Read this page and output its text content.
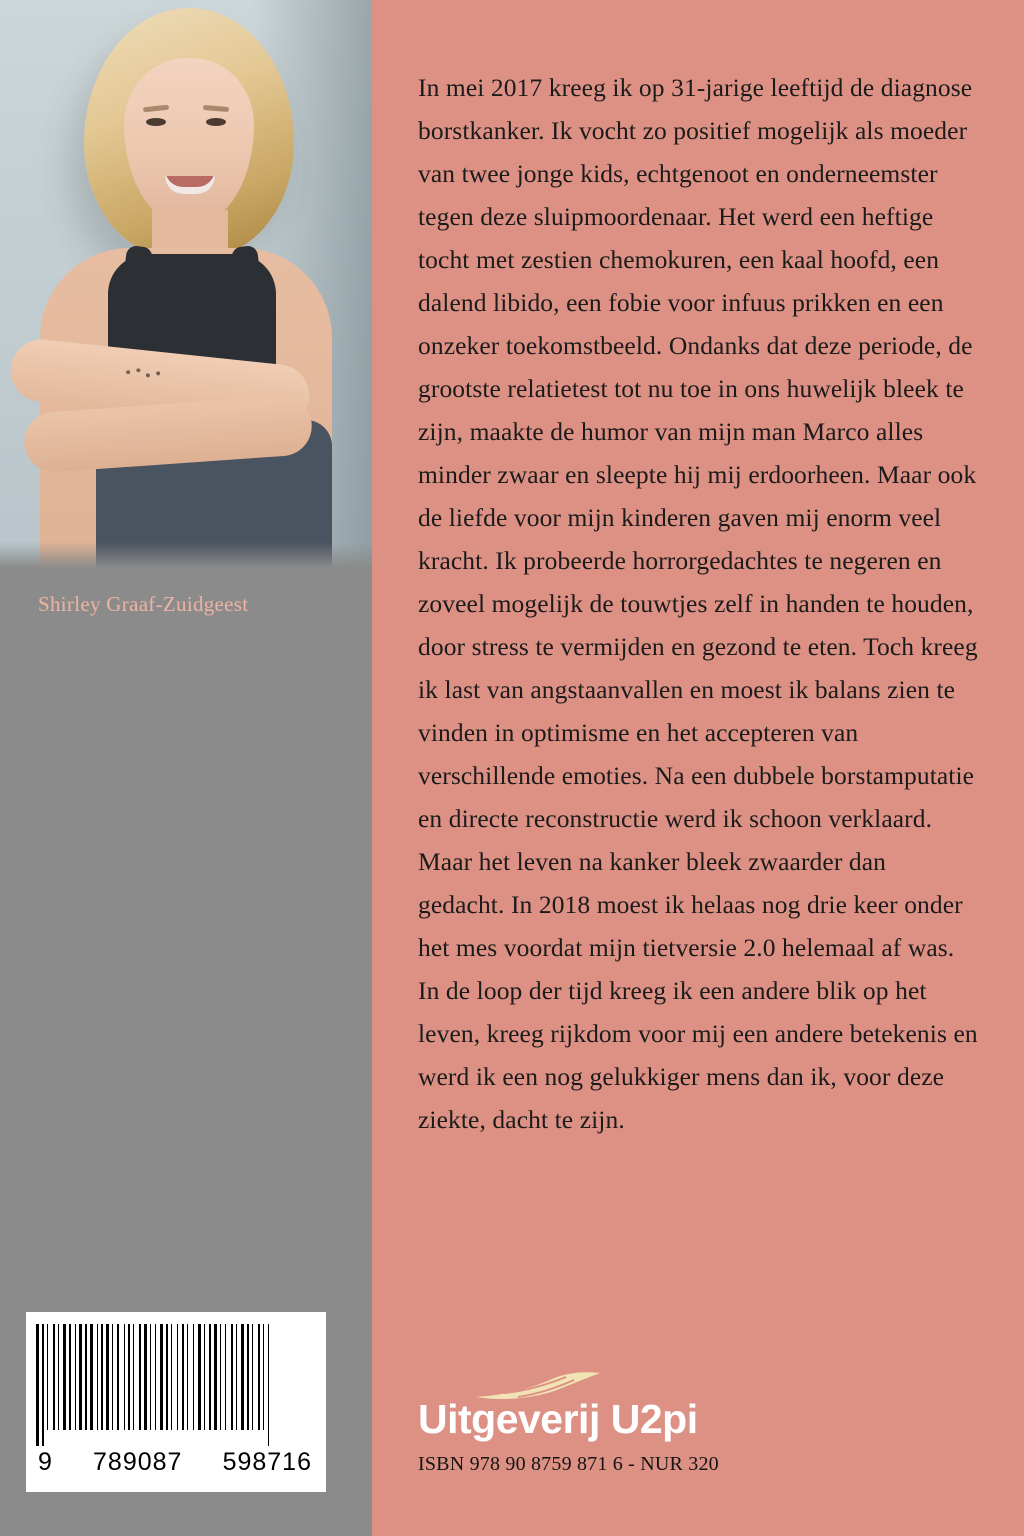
Shirley Graaf-Zuidgeest
9 789087 598716

In mei 2017 kreeg ik op 31-jarige leeftijd de diagnose borstkanker. Ik vocht zo positief mogelijk als moeder van twee jonge kids, echtgenoot en onderneemster tegen deze sluipmoordenaar. Het werd een heftige tocht met zestien chemokuren, een kaal hoofd, een dalend libido, een fobie voor infuus prikken en een onzeker toekomstbeeld. Ondanks dat deze periode, de grootste relatietest tot nu toe in ons huwelijk bleek te zijn, maakte de humor van mijn man Marco alles minder zwaar en sleepte hij mij erdoorheen. Maar ook de liefde voor mijn kinderen gaven mij enorm veel kracht. Ik probeerde horrorgedachtes te negeren en zoveel mogelijk de touwtjes zelf in handen te houden, door stress te vermijden en gezond te eten. Toch kreeg ik last van angstaanvallen en moest ik balans zien te vinden in optimisme en het accepteren van verschillende emoties. Na een dubbele borstamputatie en directe reconstructie werd ik schoon verklaard. Maar het leven na kanker bleek zwaarder dan gedacht. In 2018 moest ik helaas nog drie keer onder het mes voordat mijn tietversie 2.0 helemaal af was. In de loop der tijd kreeg ik een andere blik op het leven, kreeg rijkdom voor mij een andere betekenis en werd ik een nog gelukkiger mens dan ik, voor deze ziekte, dacht te zijn.

Uitgeverij U2pi
ISBN 978 90 8759 871 6 - NUR 320
